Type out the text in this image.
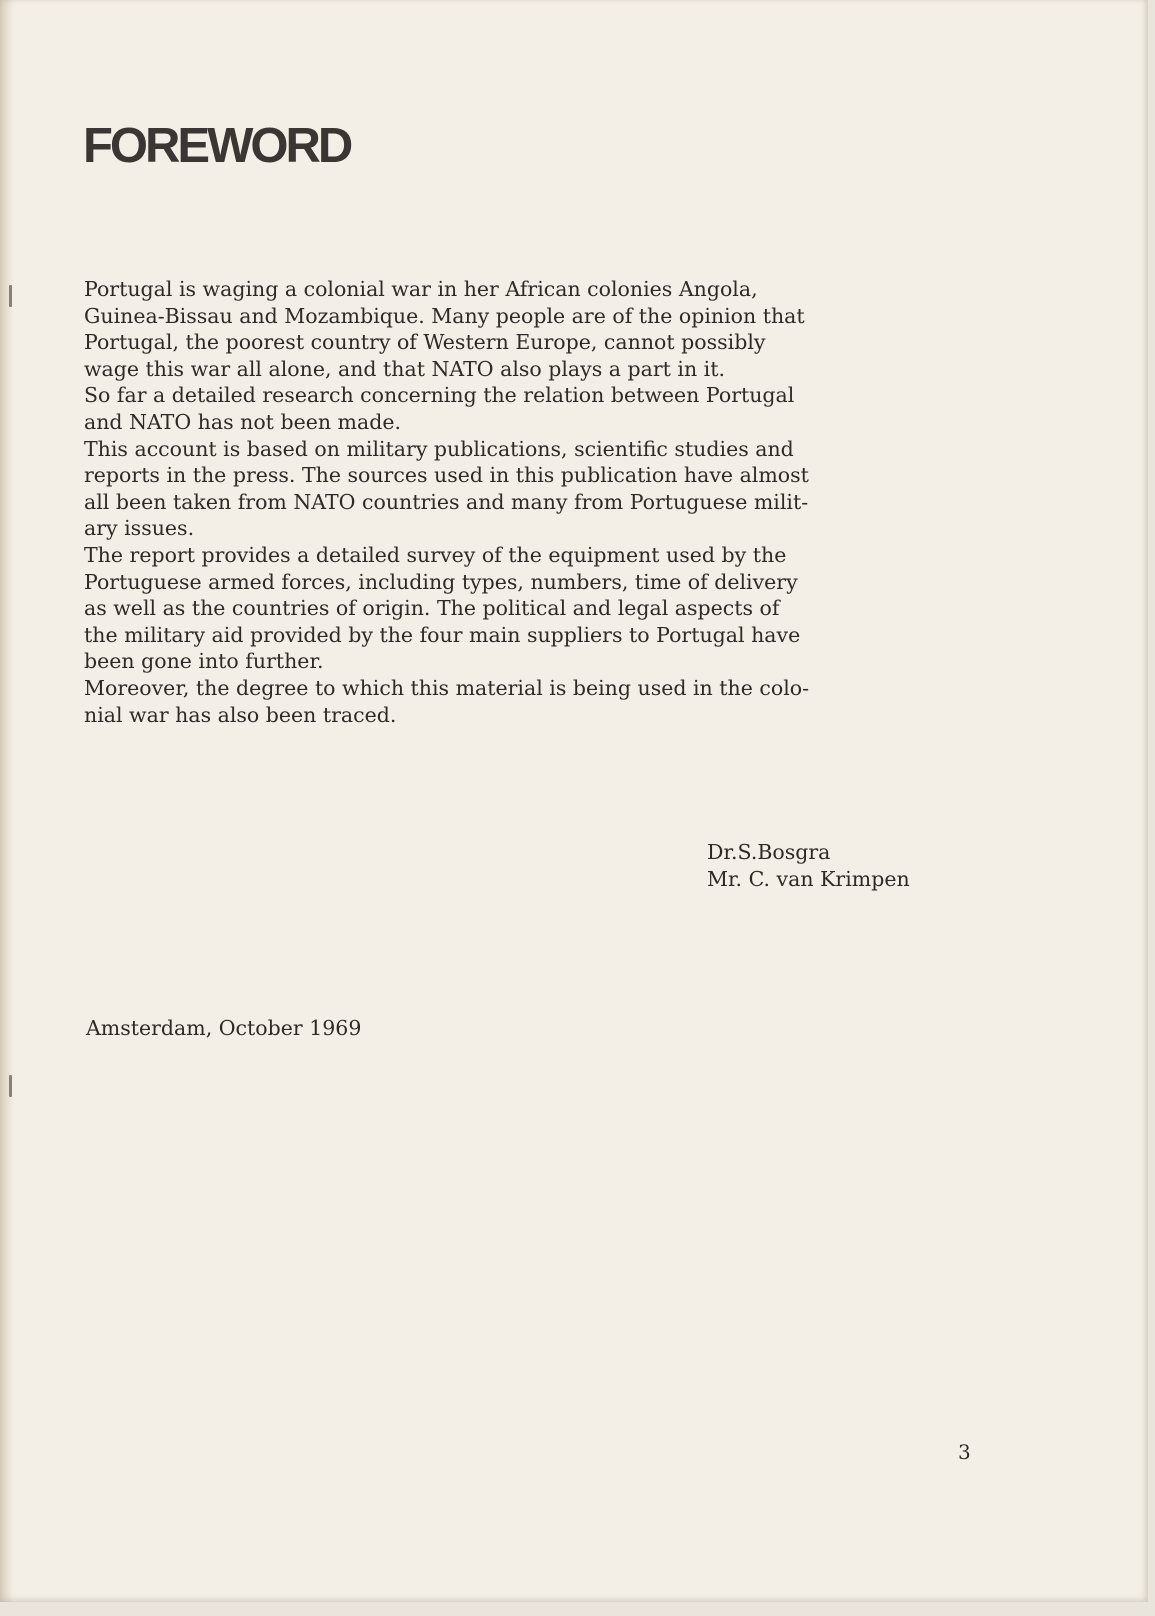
FOREWORD
Portugal is waging a colonial war in her African colonies Angola,
Guinea-Bissau and Mozambique. Many people are of the opinion that
Portugal, the poorest country of Western Europe, cannot possibly
wage this war all alone, and that NATO also plays a part in it.
So far a detailed research concerning the relation between Portugal
and NATO has not been made.
This account is based on military publications, scientific studies and
reports in the press. The sources used in this publication have almost
all been taken from NATO countries and many from Portuguese milit-
ary issues.
The report provides a detailed survey of the equipment used by the
Portuguese armed forces, including types, numbers, time of delivery
as well as the countries of origin. The political and legal aspects of
the military aid provided by the four main suppliers to Portugal have
been gone into further.
Moreover, the degree to which this material is being used in the colo-
nial war has also been traced.
Dr.S.Bosgra
Mr. C. van Krimpen
Amsterdam, October 1969
3
